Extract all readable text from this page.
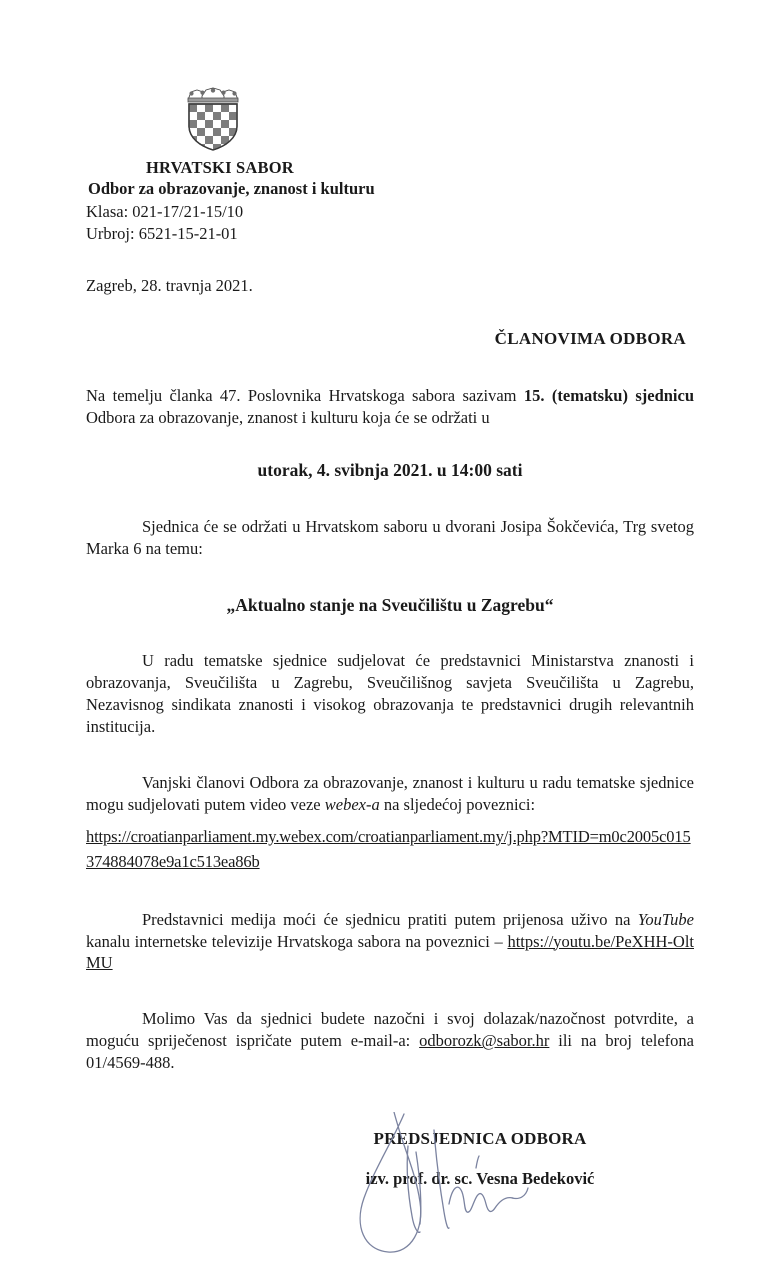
HRVATSKI SABOR
Odbor za obrazovanje, znanost i kulturu
Klasa: 021-17/21-15/10
Urbroj: 6521-15-21-01
Zagreb, 28. travnja 2021.
ČLANOVIMA ODBORA

Na temelju članka 47. Poslovnika Hrvatskoga sabora sazivam 15. (tematsku) sjednicu Odbora za obrazovanje, znanost i kulturu koja će se održati u

utorak, 4. svibnja 2021. u 14:00 sati

Sjednica će se održati u Hrvatskom saboru u dvorani Josipa Šokčevića, Trg svetog Marka 6 na temu:

„Aktualno stanje na Sveučilištu u Zagrebu“

U radu tematske sjednice sudjelovat će predstavnici Ministarstva znanosti i obrazovanja, Sveučilišta u Zagrebu, Sveučilišnog savjeta Sveučilišta u Zagrebu, Nezavisnog sindikata znanosti i visokog obrazovanja te predstavnici drugih relevantnih institucija.

Vanjski članovi Odbora za obrazovanje, znanost i kulturu u radu tematske sjednice mogu sudjelovati putem video veze webex-a na sljedećoj poveznici:

https://croatianparliament.my.webex.com/croatianparliament.my/j.php?MTID=m0c2005c015
374884078e9a1c513ea86b

Predstavnici medija moći će sjednicu pratiti putem prijenosa uživo na YouTube kanalu internetske televizije Hrvatskoga sabora na poveznici – https://youtu.be/PeXHH-OltMU

Molimo Vas da sjednici budete nazočni i svoj dolazak/nazočnost potvrdite, a moguću spriječenost ispričate putem e-mail-a: odborozk@sabor.hr ili na broj telefona 01/4569-488.

PREDSJEDNICA ODBORA
izv. prof. dr. sc. Vesna Bedeković
